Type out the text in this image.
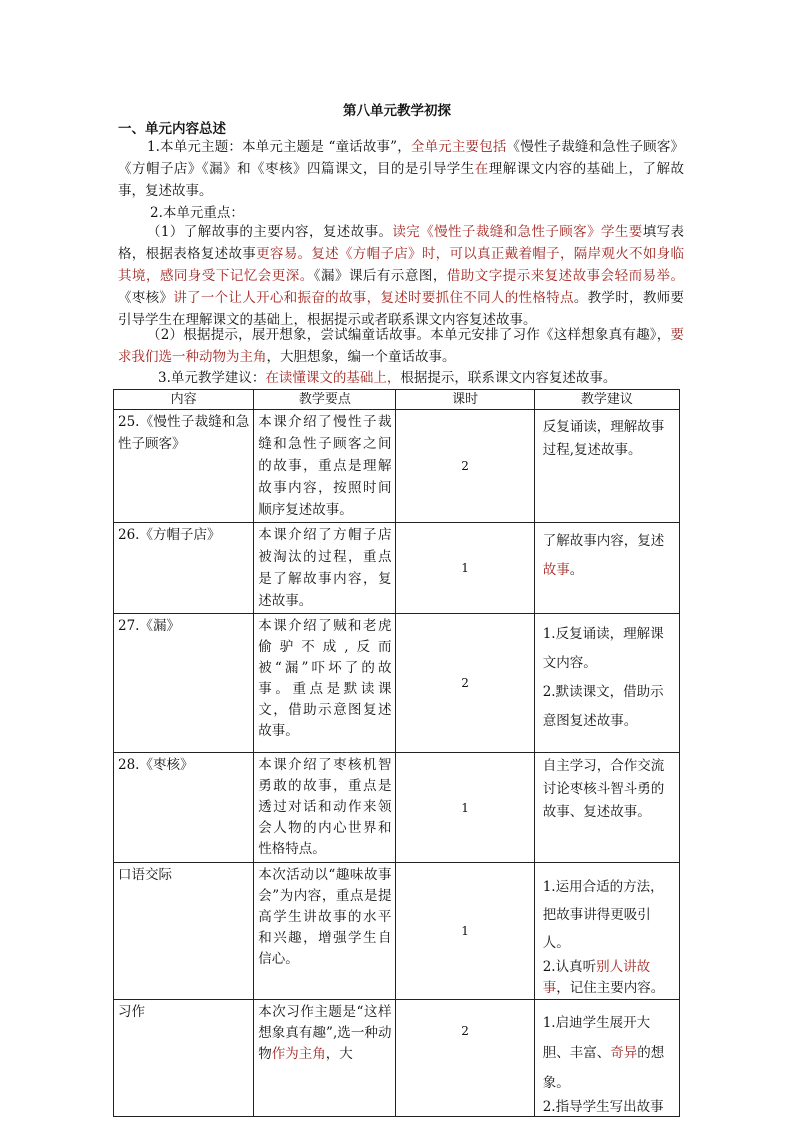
第八单元教学初探
一、单元内容总述
1.本单元主题：本单元主题是 “童话故事”，全单元主要包括《慢性子裁缝和急性子顾客》《方帽子店》《漏》和《枣核》四篇课文，目的是引导学生在理解课文内容的基础上，了解故事，复述故事。
2.本单元重点：
（1）了解故事的主要内容，复述故事。读完《慢性子裁缝和急性子顾客》学生要填写表格，根据表格复述故事更容易。复述《方帽子店》时，可以真正戴着帽子，隔岸观火不如身临其境，感同身受下记忆会更深。《漏》课后有示意图，借助文字提示来复述故事会轻而易举。《枣核》讲了一个让人开心和振奋的故事，复述时要抓住不同人的性格特点。教学时，教师要引导学生在理解课文的基础上，根据提示或者联系课文内容复述故事。
（2）根据提示，展开想象，尝试编童话故事。本单元安排了习作《这样想象真有趣》，要求我们选一种动物为主角，大胆想象，编一个童话故事。
3.单元教学建议：在读懂课文的基础上，根据提示，联系课文内容复述故事。
内容	教学要点	课时	教学建议

25.《慢性子裁缝和急性子顾客》	本课介绍了慢性子裁缝和急性子顾客之间的故事，重点是理解故事内容，按照时间顺序复述故事。	2	反复诵读，理解故事过程,复述故事。

26.《方帽子店》	本课介绍了方帽子店被淘汰的过程，重点是了解故事内容，复述故事。	1	了解故事内容，复述故事。

27.《漏》	本课介绍了贼和老虎偷驴不成,反而被“漏”吓坏了的故事。重点是默读课文，借助示意图复述故事。	2	1.反复诵读，理解课文内容。

2.默读课文，借助示意图复述故事。

28.《枣核》	本课介绍了枣核机智勇敢的故事，重点是透过对话和动作来领会人物的内心世界和性格特点。	1	自主学习，合作交流讨论枣核斗智斗勇的故事、复述故事。

口语交际	本次活动以“趣味故事会”为内容，重点是提高学生讲故事的水平和兴趣，增强学生自信心。	1	1.运用合适的方法，把故事讲得更吸引人。

2.认真听别人讲故事，记住主要内容。

习作	本次习作主题是“这样想象真有趣”,选一种动物作为主角，大	2	1.启迪学生展开大胆、丰富、奇异的想象。

2.指导学生写出故事
